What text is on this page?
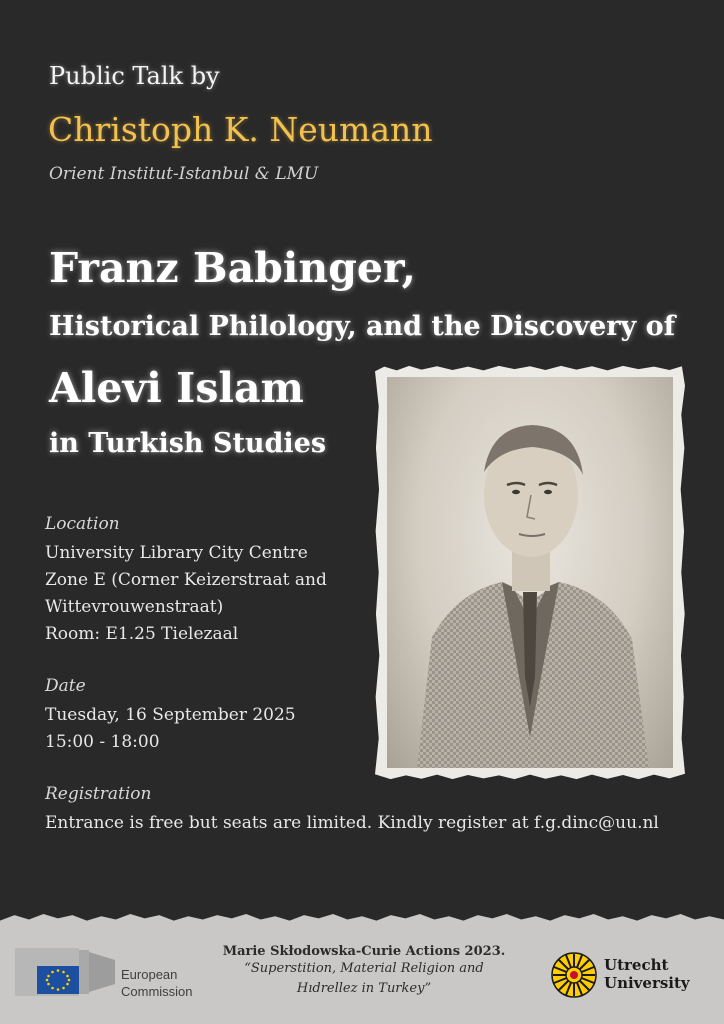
Public Talk by
Christoph K. Neumann
Orient Institut-Istanbul & LMU
Franz Babinger,
Historical Philology, and the Discovery of
Alevi Islam
in Turkish Studies
Location
University Library City Centre
Zone E (Corner Keizerstraat and
Wittevrouwenstraat)
Room: E1.25 Tielezaal
Date
Tuesday, 16 September 2025
15:00 - 18:00
Registration
Entrance is free but seats are limited. Kindly register at f.g.dinc@uu.nl
European
Commission
Marie Skłodowska-Curie Actions 2023.
“Superstition, Material Religion and
Hıdrellez in Turkey”
Utrecht
University
